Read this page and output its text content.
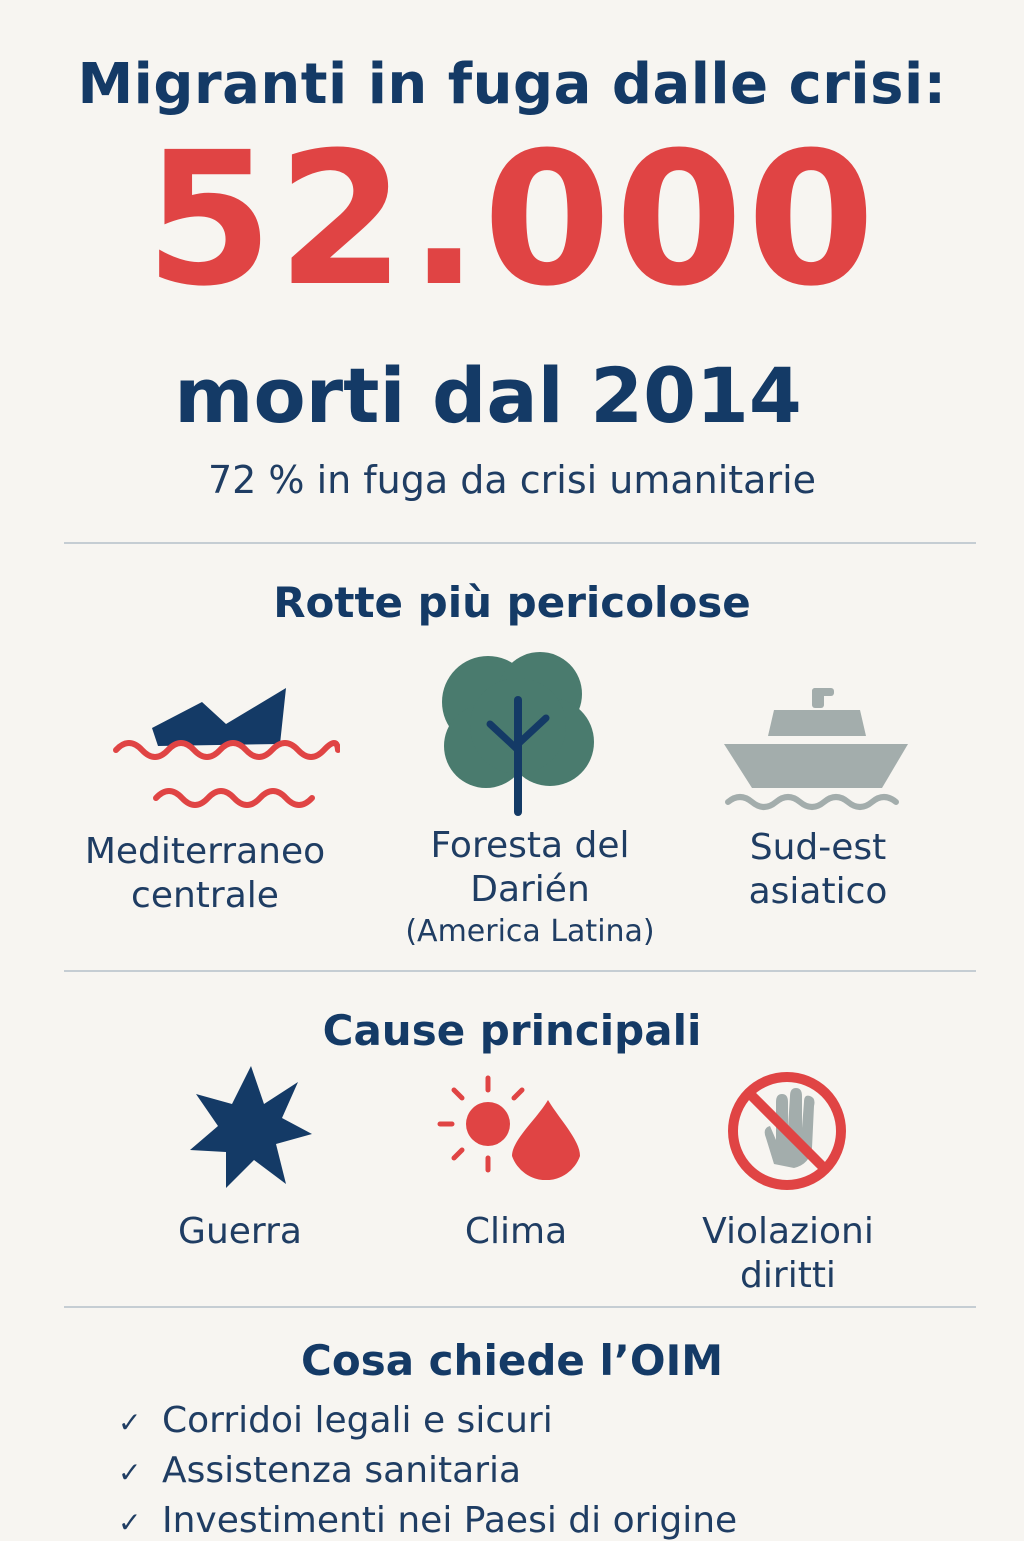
Migranti in fuga dalle crisi:
52.000
morti dal 2014
72 % in fuga da crisi umanitarie
Rotte più pericolose
Mediterraneo
centrale
Foresta del
Darién
(America Latina)
Sud-est
asiatico
Cause principali
Guerra	Clima	Violazioni
diritti
Cosa chiede l’OIM
✓ Corridoi legali e sicuri
✓ Assistenza sanitaria
✓ Investimenti nei Paesi di origine
